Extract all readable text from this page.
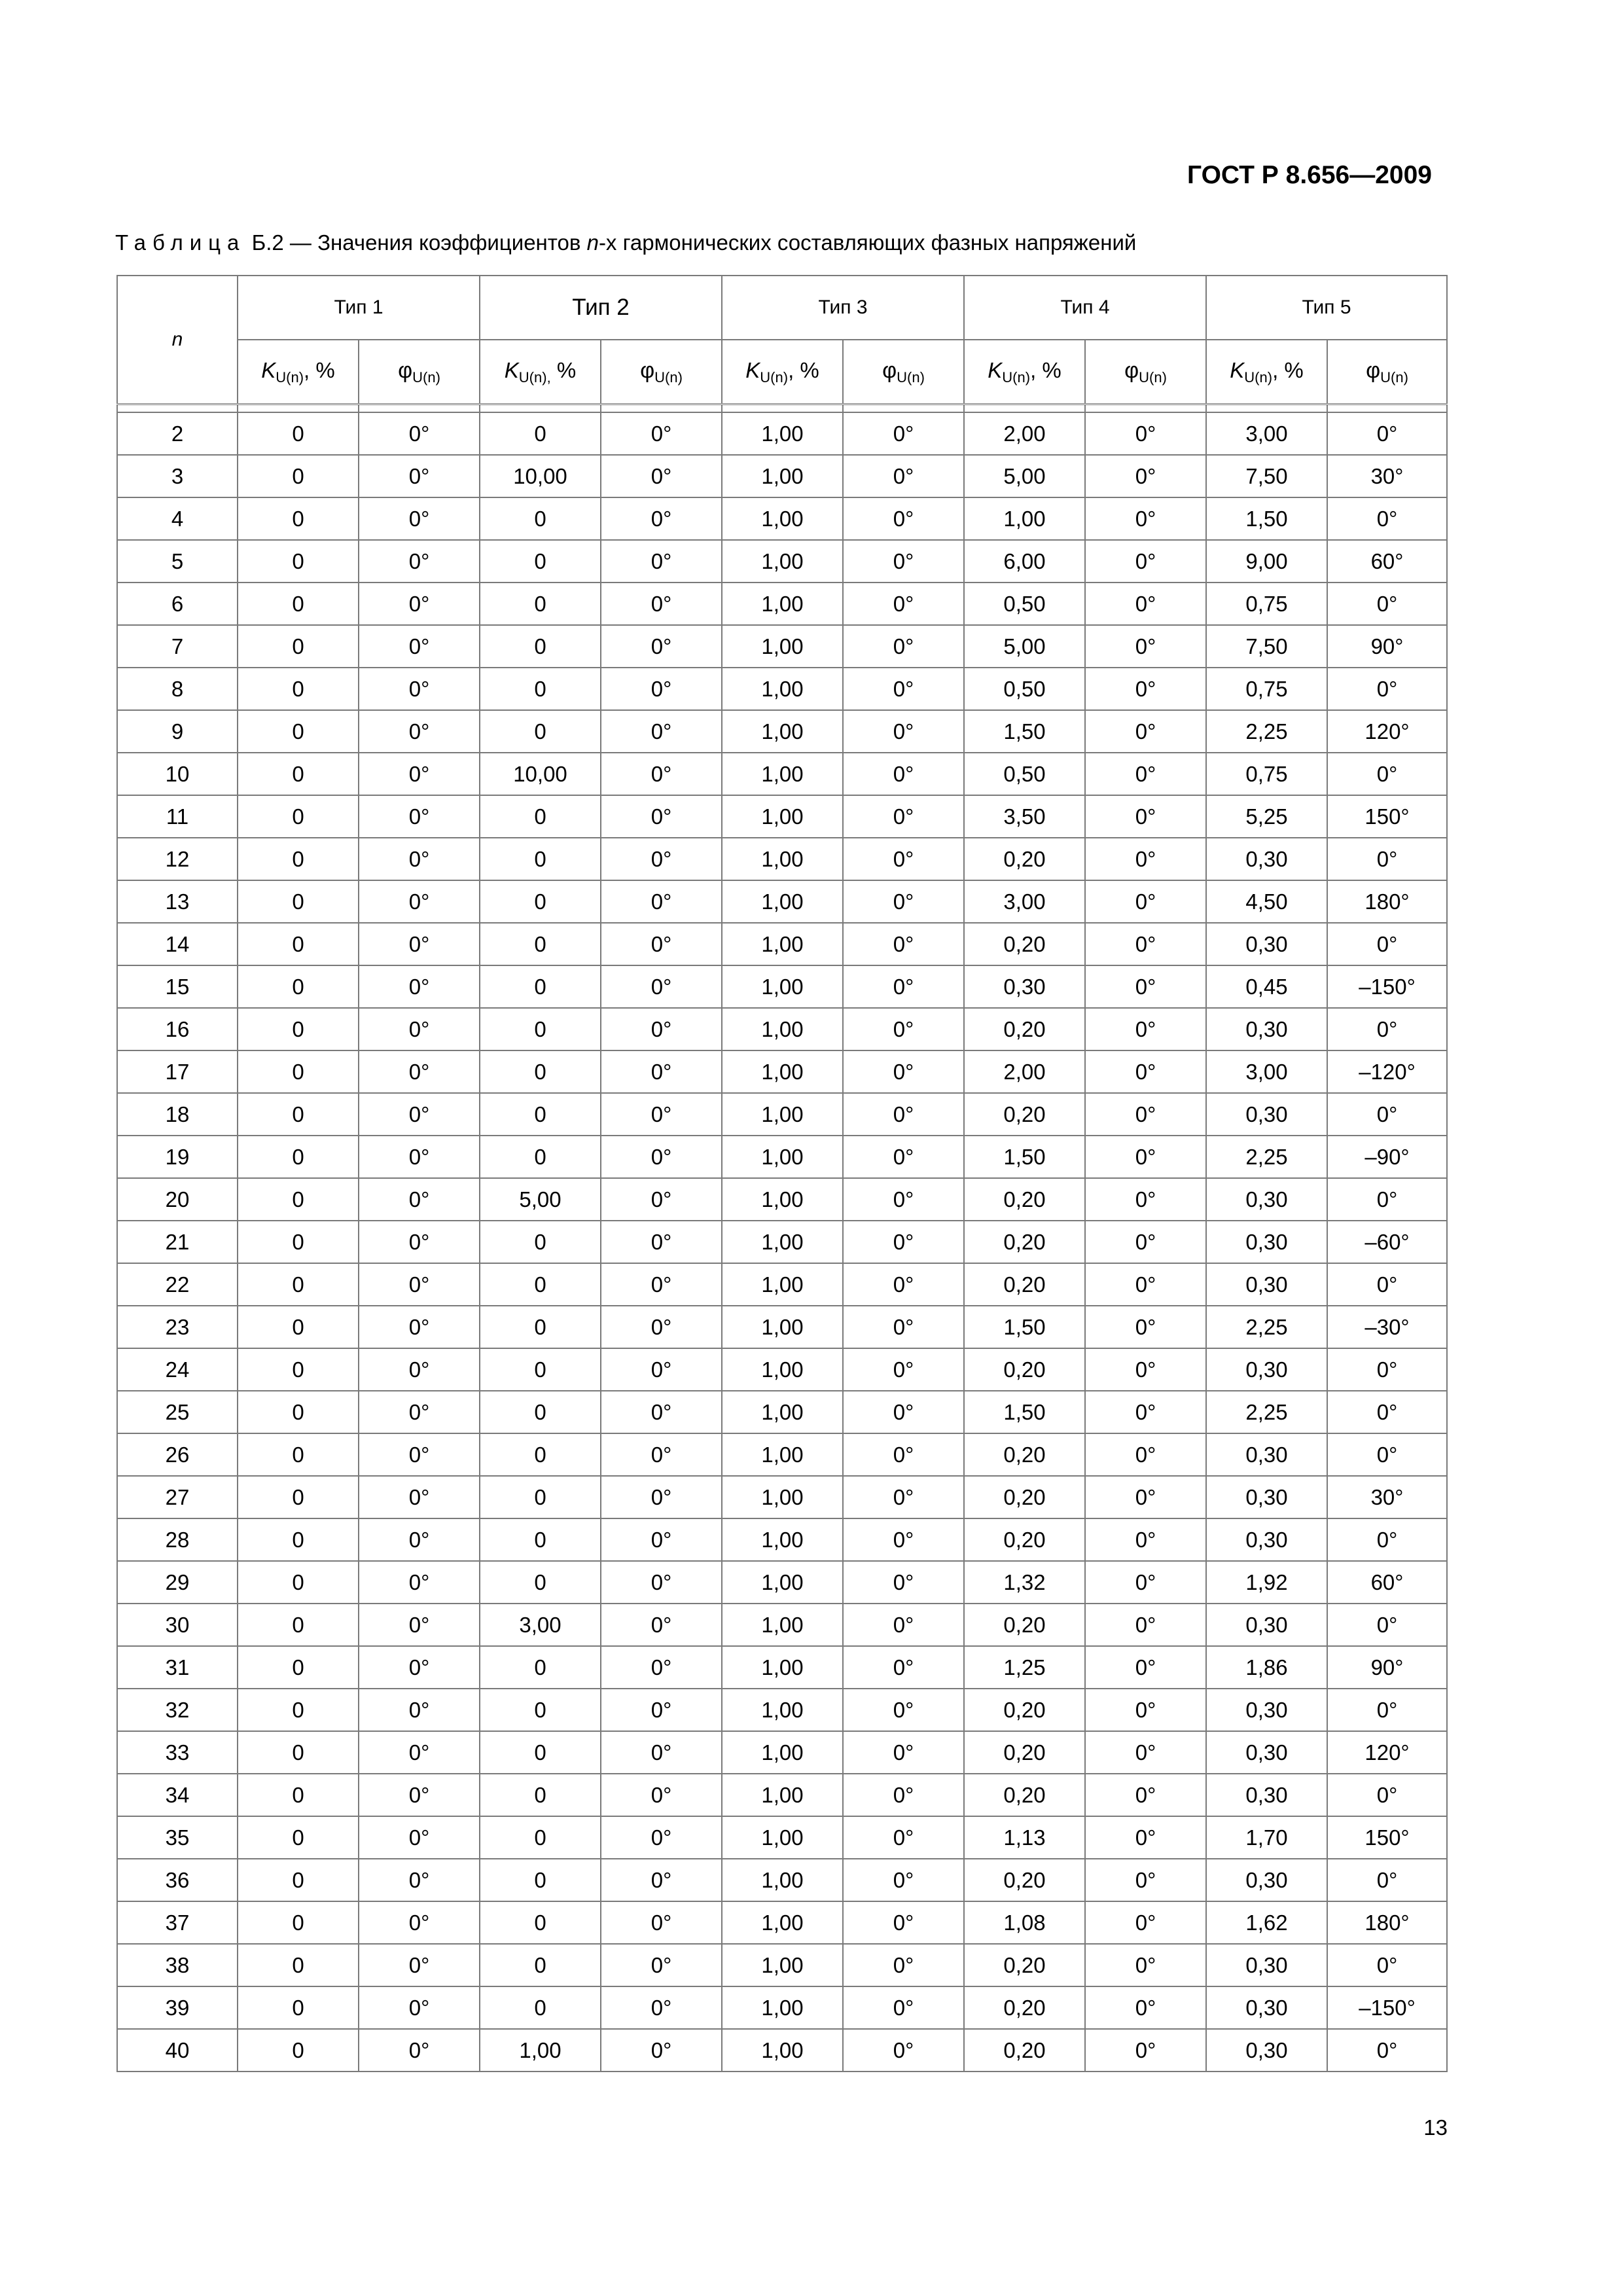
ГОСТ Р 8.656—2009
Таблица Б.2 — Значения коэффициентов n-х гармонических составляющих фазных напряжений
n	Тип 1		Тип 2		Тип 3		Тип 4		Тип 5	
	$K_{U(n)}$, %	$\varphi_{U(n)}$	$K_{U(n),}$ %	$\varphi_{U(n)}$	$K_{U(n)}$, %	$\varphi_{U(n)}$	$K_{U(n)}$, %	$\varphi_{U(n)}$	$K_{U(n)}$, %	$\varphi_{U(n)}$

2	0	0°	0	0°	1,00	0°	2,00	0°	3,00	0°
3	0	0°	10,00	0°	1,00	0°	5,00	0°	7,50	30°
4	0	0°	0	0°	1,00	0°	1,00	0°	1,50	0°
5	0	0°	0	0°	1,00	0°	6,00	0°	9,00	60°
6	0	0°	0	0°	1,00	0°	0,50	0°	0,75	0°
7	0	0°	0	0°	1,00	0°	5,00	0°	7,50	90°
8	0	0°	0	0°	1,00	0°	0,50	0°	0,75	0°
9	0	0°	0	0°	1,00	0°	1,50	0°	2,25	120°
10	0	0°	10,00	0°	1,00	0°	0,50	0°	0,75	0°
11	0	0°	0	0°	1,00	0°	3,50	0°	5,25	150°
12	0	0°	0	0°	1,00	0°	0,20	0°	0,30	0°
13	0	0°	0	0°	1,00	0°	3,00	0°	4,50	180°
14	0	0°	0	0°	1,00	0°	0,20	0°	0,30	0°
15	0	0°	0	0°	1,00	0°	0,30	0°	0,45	–150°
16	0	0°	0	0°	1,00	0°	0,20	0°	0,30	0°
17	0	0°	0	0°	1,00	0°	2,00	0°	3,00	–120°
18	0	0°	0	0°	1,00	0°	0,20	0°	0,30	0°
19	0	0°	0	0°	1,00	0°	1,50	0°	2,25	–90°
20	0	0°	5,00	0°	1,00	0°	0,20	0°	0,30	0°
21	0	0°	0	0°	1,00	0°	0,20	0°	0,30	–60°
22	0	0°	0	0°	1,00	0°	0,20	0°	0,30	0°
23	0	0°	0	0°	1,00	0°	1,50	0°	2,25	–30°
24	0	0°	0	0°	1,00	0°	0,20	0°	0,30	0°
25	0	0°	0	0°	1,00	0°	1,50	0°	2,25	0°
26	0	0°	0	0°	1,00	0°	0,20	0°	0,30	0°
27	0	0°	0	0°	1,00	0°	0,20	0°	0,30	30°
28	0	0°	0	0°	1,00	0°	0,20	0°	0,30	0°
29	0	0°	0	0°	1,00	0°	1,32	0°	1,92	60°
30	0	0°	3,00	0°	1,00	0°	0,20	0°	0,30	0°
31	0	0°	0	0°	1,00	0°	1,25	0°	1,86	90°
32	0	0°	0	0°	1,00	0°	0,20	0°	0,30	0°
33	0	0°	0	0°	1,00	0°	0,20	0°	0,30	120°
34	0	0°	0	0°	1,00	0°	0,20	0°	0,30	0°
35	0	0°	0	0°	1,00	0°	1,13	0°	1,70	150°
36	0	0°	0	0°	1,00	0°	0,20	0°	0,30	0°
37	0	0°	0	0°	1,00	0°	1,08	0°	1,62	180°
38	0	0°	0	0°	1,00	0°	0,20	0°	0,30	0°
39	0	0°	0	0°	1,00	0°	0,20	0°	0,30	–150°
40	0	0°	1,00	0°	1,00	0°	0,20	0°	0,30	0°
13
